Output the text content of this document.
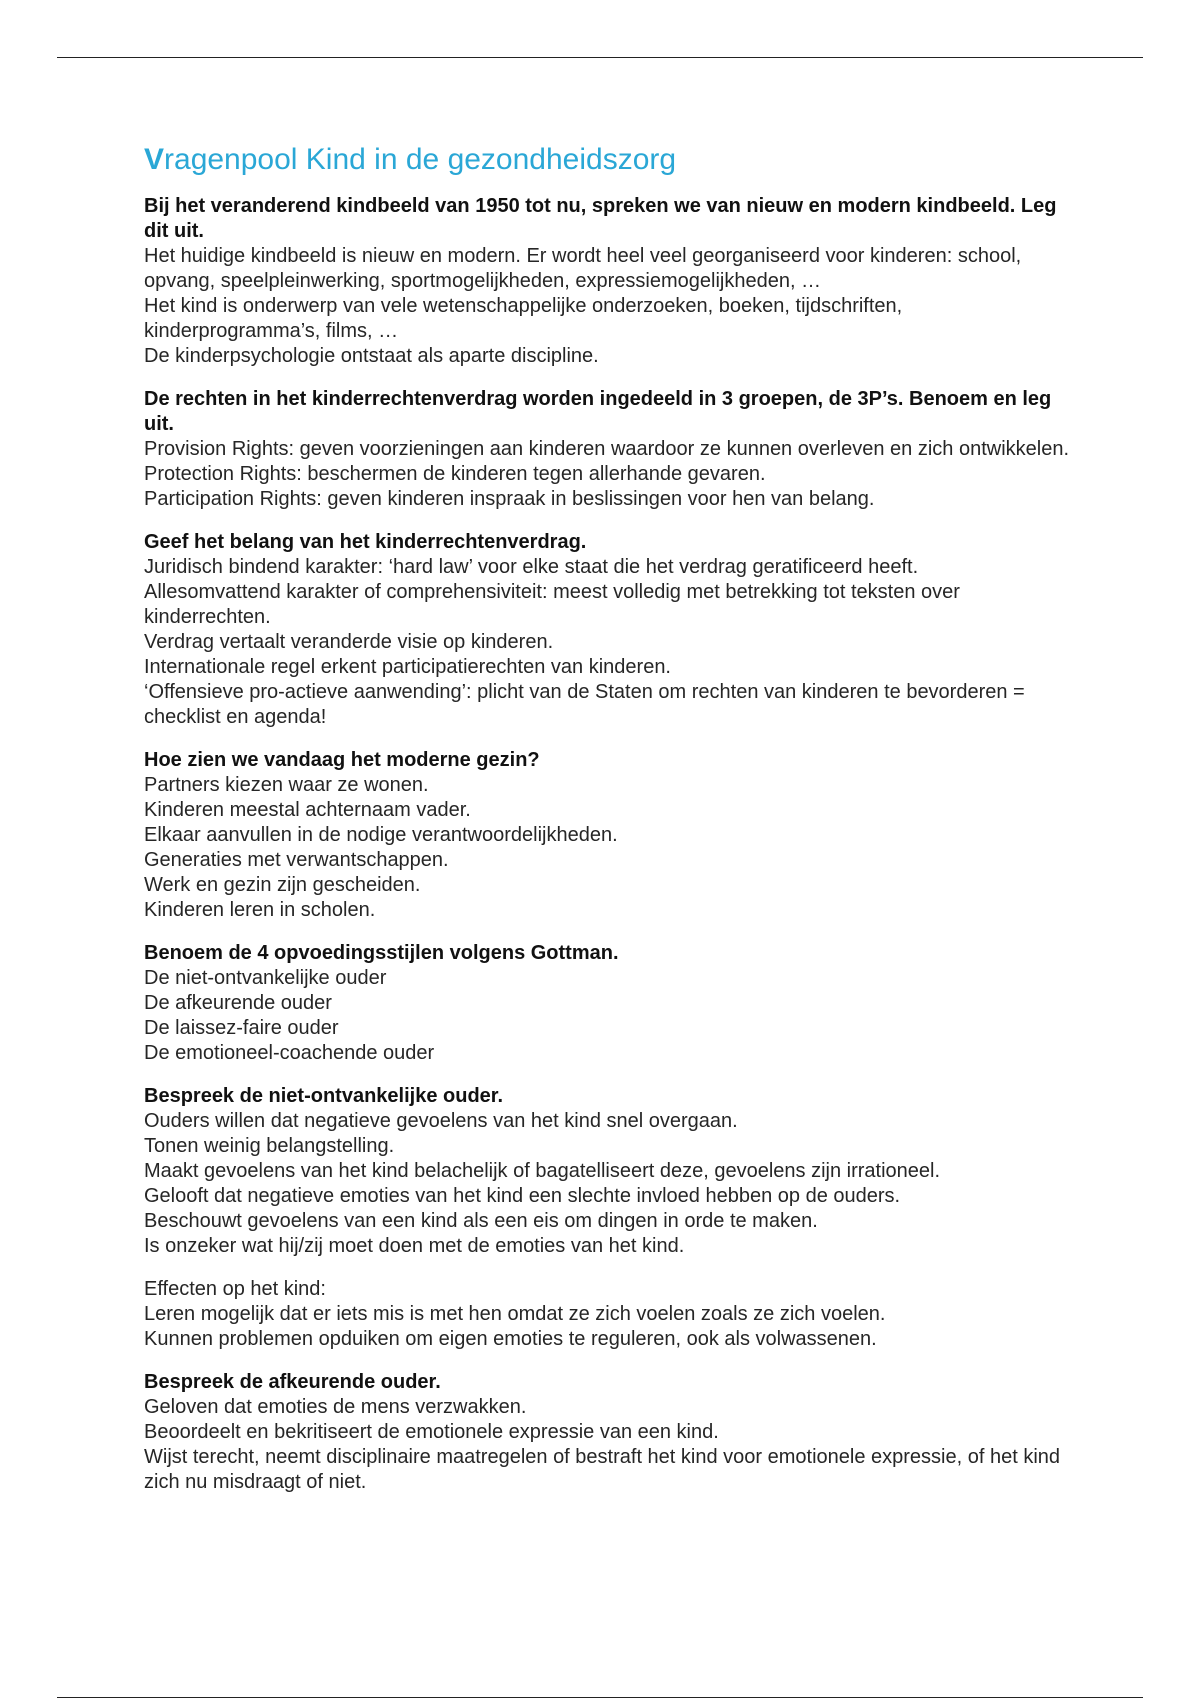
Vragenpool Kind in de gezondheidszorg

Bij het veranderend kindbeeld van 1950 tot nu, spreken we van nieuw en modern kindbeeld. Leg dit uit.

Het huidige kindbeeld is nieuw en modern. Er wordt heel veel georganiseerd voor kinderen: school, opvang, speelpleinwerking, sportmogelijkheden, expressiemogelijkheden, …

Het kind is onderwerp van vele wetenschappelijke onderzoeken, boeken, tijdschriften, kinderprogramma’s, films, …

De kinderpsychologie ontstaat als aparte discipline.

De rechten in het kinderrechtenverdrag worden ingedeeld in 3 groepen, de 3P’s. Benoem en leg uit.

Provision Rights: geven voorzieningen aan kinderen waardoor ze kunnen overleven en zich ontwikkelen.

Protection Rights: beschermen de kinderen tegen allerhande gevaren.

Participation Rights: geven kinderen inspraak in beslissingen voor hen van belang.

Geef het belang van het kinderrechtenverdrag.

Juridisch bindend karakter: ‘hard law’ voor elke staat die het verdrag geratificeerd heeft.

Allesomvattend karakter of comprehensiviteit: meest volledig met betrekking tot teksten over kinderrechten.

Verdrag vertaalt veranderde visie op kinderen.

Internationale regel erkent participatierechten van kinderen.

‘Offensieve pro-actieve aanwending’: plicht van de Staten om rechten van kinderen te bevorderen = checklist en agenda!

Hoe zien we vandaag het moderne gezin?

Partners kiezen waar ze wonen.

Kinderen meestal achternaam vader.

Elkaar aanvullen in de nodige verantwoordelijkheden.

Generaties met verwantschappen.

Werk en gezin zijn gescheiden.

Kinderen leren in scholen.

Benoem de 4 opvoedingsstijlen volgens Gottman.

De niet-ontvankelijke ouder

De afkeurende ouder

De laissez-faire ouder

De emotioneel-coachende ouder

Bespreek de niet-ontvankelijke ouder.

Ouders willen dat negatieve gevoelens van het kind snel overgaan.

Tonen weinig belangstelling.

Maakt gevoelens van het kind belachelijk of bagatelliseert deze, gevoelens zijn irrationeel.

Gelooft dat negatieve emoties van het kind een slechte invloed hebben op de ouders.

Beschouwt gevoelens van een kind als een eis om dingen in orde te maken.

Is onzeker wat hij/zij moet doen met de emoties van het kind.

Effecten op het kind:

Leren mogelijk dat er iets mis is met hen omdat ze zich voelen zoals ze zich voelen.

Kunnen problemen opduiken om eigen emoties te reguleren, ook als volwassenen.

Bespreek de afkeurende ouder.

Geloven dat emoties de mens verzwakken.

Beoordeelt en bekritiseert de emotionele expressie van een kind.

Wijst terecht, neemt disciplinaire maatregelen of bestraft het kind voor emotionele expressie, of het kind zich nu misdraagt of niet.
